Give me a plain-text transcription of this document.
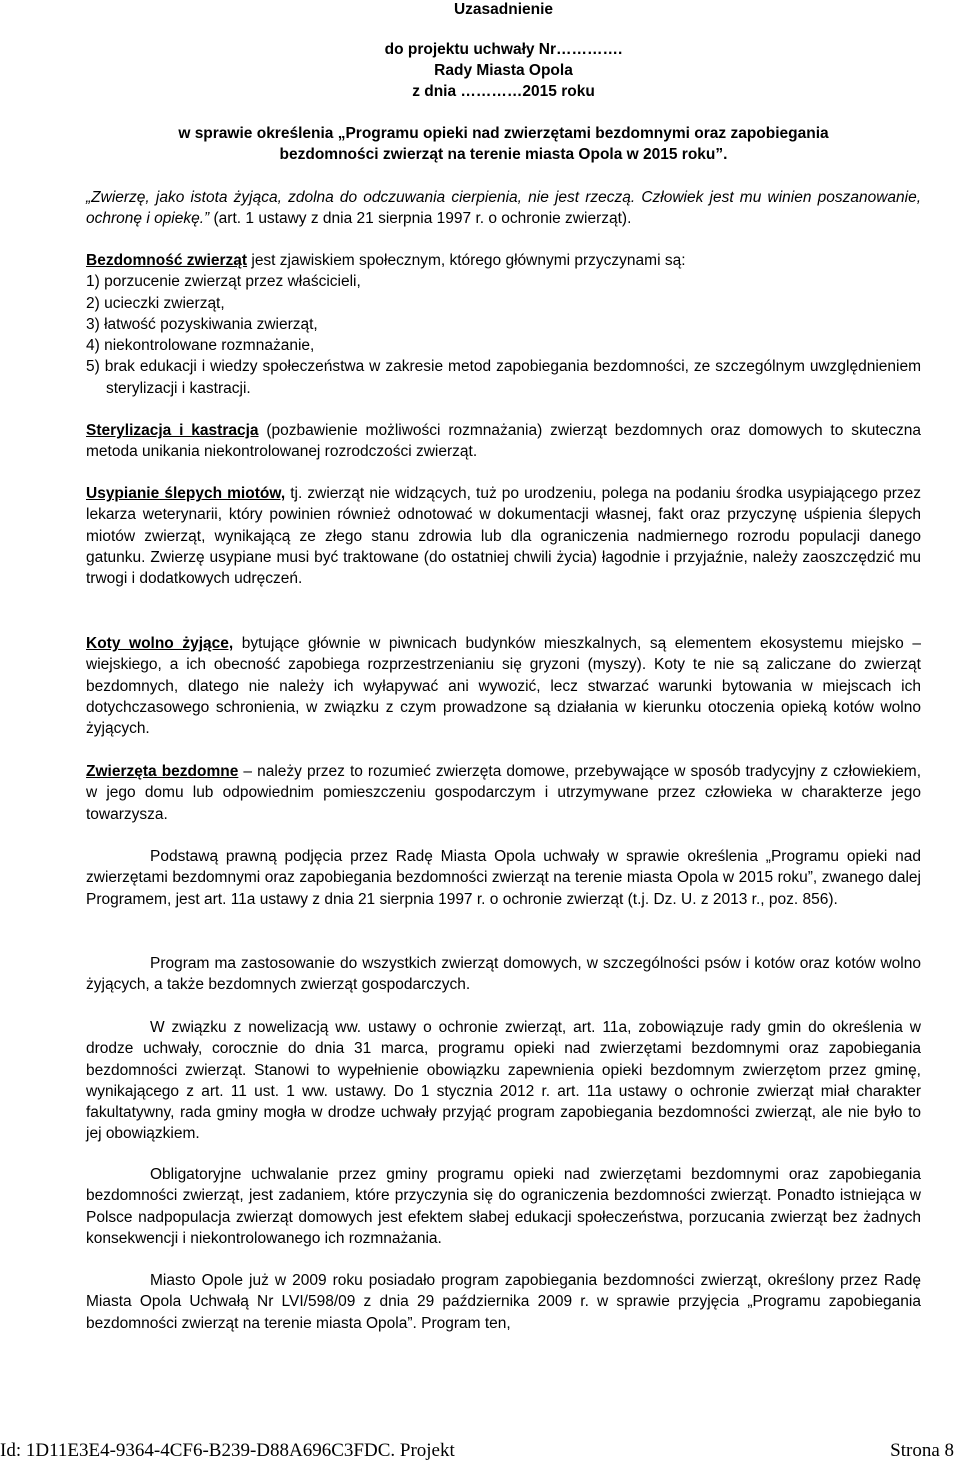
Uzasadnienie
do projektu uchwały Nr………….
Rady Miasta Opola
z dnia …………2015 roku
w sprawie określenia „Programu opieki nad zwierzętami bezdomnymi oraz zapobiegania
bezdomności zwierząt na terenie miasta Opola w 2015 roku”.
„Zwierzę, jako istota żyjąca, zdolna do odczuwania cierpienia, nie jest rzeczą. Człowiek jest mu winien poszanowanie, ochronę i opiekę.” (art. 1 ustawy z dnia 21 sierpnia 1997 r. o ochronie zwierząt).

Bezdomność zwierząt jest zjawiskiem społecznym, którego głównymi przyczynami są:

1) porzucenie zwierząt przez właścicieli,
2) ucieczki zwierząt,
3) łatwość pozyskiwania zwierząt,
4) niekontrolowane rozmnażanie,
5) brak edukacji i wiedzy społeczeństwa w zakresie metod zapobiegania bezdomności, ze szczególnym uwzględnieniem sterylizacji i kastracji.
Sterylizacja i kastracja (pozbawienie możliwości rozmnażania) zwierząt bezdomnych oraz domowych to skuteczna metoda unikania niekontrolowanej rozrodczości zwierząt.
Usypianie ślepych miotów, tj. zwierząt nie widzących, tuż po urodzeniu, polega na podaniu środka usypiającego przez lekarza weterynarii, który powinien również odnotować w dokumentacji własnej, fakt oraz przyczynę uśpienia ślepych miotów zwierząt, wynikającą ze złego stanu zdrowia lub dla ograniczenia nadmiernego rozrodu populacji danego gatunku. Zwierzę usypiane musi być traktowane (do ostatniej chwili życia) łagodnie i przyjaźnie, należy zaoszczędzić mu trwogi i dodatkowych udręczeń.
Koty wolno żyjące, bytujące głównie w piwnicach budynków mieszkalnych, są elementem ekosystemu miejsko – wiejskiego, a ich obecność zapobiega rozprzestrzenianiu się gryzoni (myszy). Koty te nie są zaliczane do zwierząt bezdomnych, dlatego nie należy ich wyłapywać ani wywozić, lecz stwarzać warunki bytowania w miejscach ich dotychczasowego schronienia, w związku z czym prowadzone są działania w kierunku otoczenia opieką kotów wolno żyjących.
Zwierzęta bezdomne – należy przez to rozumieć zwierzęta domowe, przebywające w sposób tradycyjny z człowiekiem, w jego domu lub odpowiednim pomieszczeniu gospodarczym i utrzymywane przez człowieka w charakterze jego towarzysza.
Podstawą prawną podjęcia przez Radę Miasta Opola uchwały w sprawie określenia „Programu opieki nad zwierzętami bezdomnymi oraz zapobiegania bezdomności zwierząt na terenie miasta Opola w 2015 roku”, zwanego dalej Programem, jest art. 11a ustawy z dnia 21 sierpnia 1997 r. o ochronie zwierząt (t.j. Dz. U. z 2013 r., poz. 856).
Program ma zastosowanie do wszystkich zwierząt domowych, w szczególności psów i kotów oraz kotów wolno żyjących, a także bezdomnych zwierząt gospodarczych.
W związku z nowelizacją ww. ustawy o ochronie zwierząt, art. 11a, zobowiązuje rady gmin do określenia w drodze uchwały, corocznie do dnia 31 marca, programu opieki nad zwierzętami bezdomnymi oraz zapobiegania bezdomności zwierząt. Stanowi to wypełnienie obowiązku zapewnienia opieki bezdomnym zwierzętom przez gminę, wynikającego z art. 11 ust. 1 ww. ustawy. Do 1 stycznia 2012 r. art. 11a ustawy o ochronie zwierząt miał charakter fakultatywny, rada gminy mogła w drodze uchwały przyjąć program zapobiegania bezdomności zwierząt, ale nie było to jej obowiązkiem.
Obligatoryjne uchwalanie przez gminy programu opieki nad zwierzętami bezdomnymi oraz zapobiegania bezdomności zwierząt, jest zadaniem, które przyczynia się do ograniczenia bezdomności zwierząt. Ponadto istniejąca w Polsce nadpopulacja zwierząt domowych jest efektem słabej edukacji społeczeństwa, porzucania zwierząt bez żadnych konsekwencji i niekontrolowanego ich rozmnażania.
Miasto Opole już w 2009 roku posiadało program zapobiegania bezdomności zwierząt, określony przez Radę Miasta Opola Uchwałą Nr LVI/598/09 z dnia 29 października 2009 r. w sprawie przyjęcia „Programu zapobiegania bezdomności zwierząt na terenie miasta Opola”. Program ten,
Id: 1D11E3E4-9364-4CF6-B239-D88A696C3FDC. Projekt	Strona 8
